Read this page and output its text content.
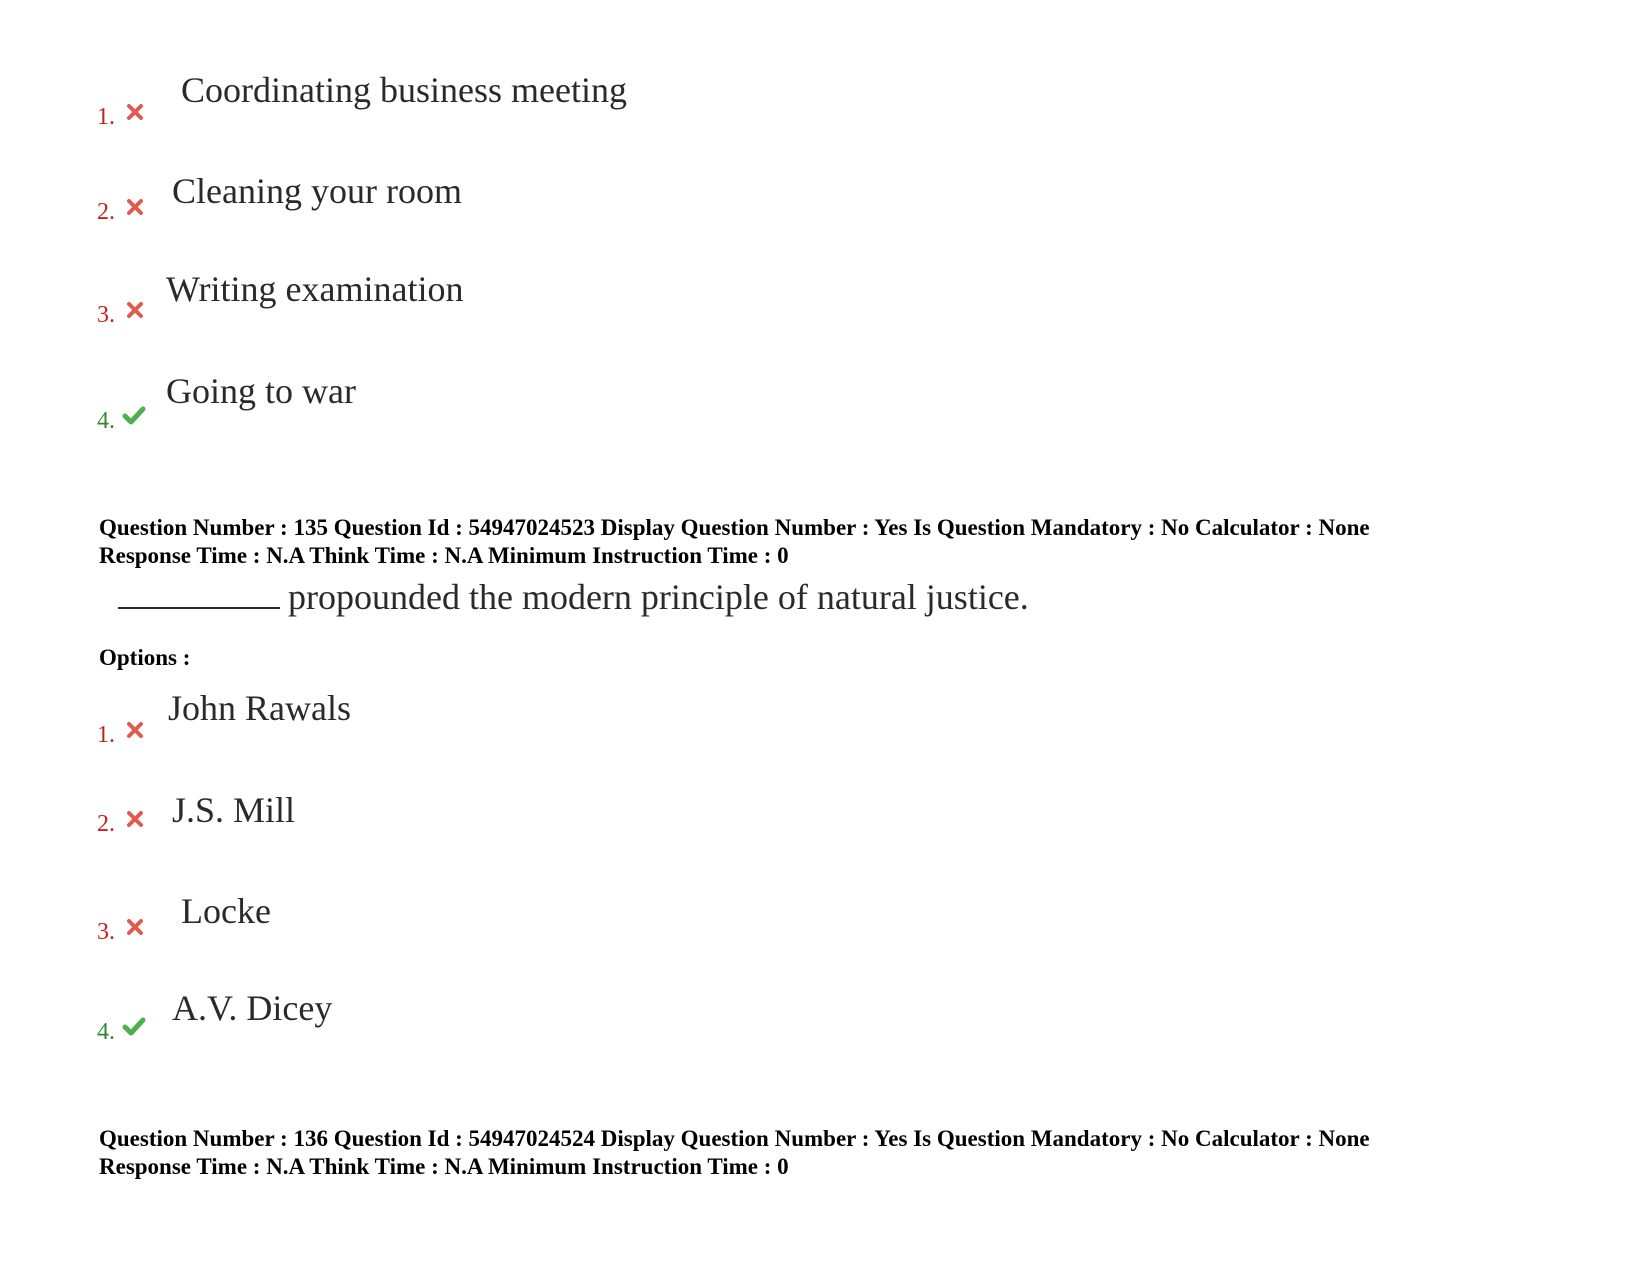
1.
Coordinating business meeting
2.
Cleaning your room
3.
Writing examination
4.
Going to war
Question Number : 135 Question Id : 54947024523 Display Question Number : Yes Is Question Mandatory : No Calculator : None
Response Time : N.A Think Time : N.A Minimum Instruction Time : 0
propounded the modern principle of natural justice.
Options :
1.
John Rawals
2. J.S. Mill
3.
Locke
4.
A.V. Dicey
Question Number : 136 Question Id : 54947024524 Display Question Number : Yes Is Question Mandatory : No Calculator : None
Response Time : N.A Think Time : N.A Minimum Instruction Time : 0
